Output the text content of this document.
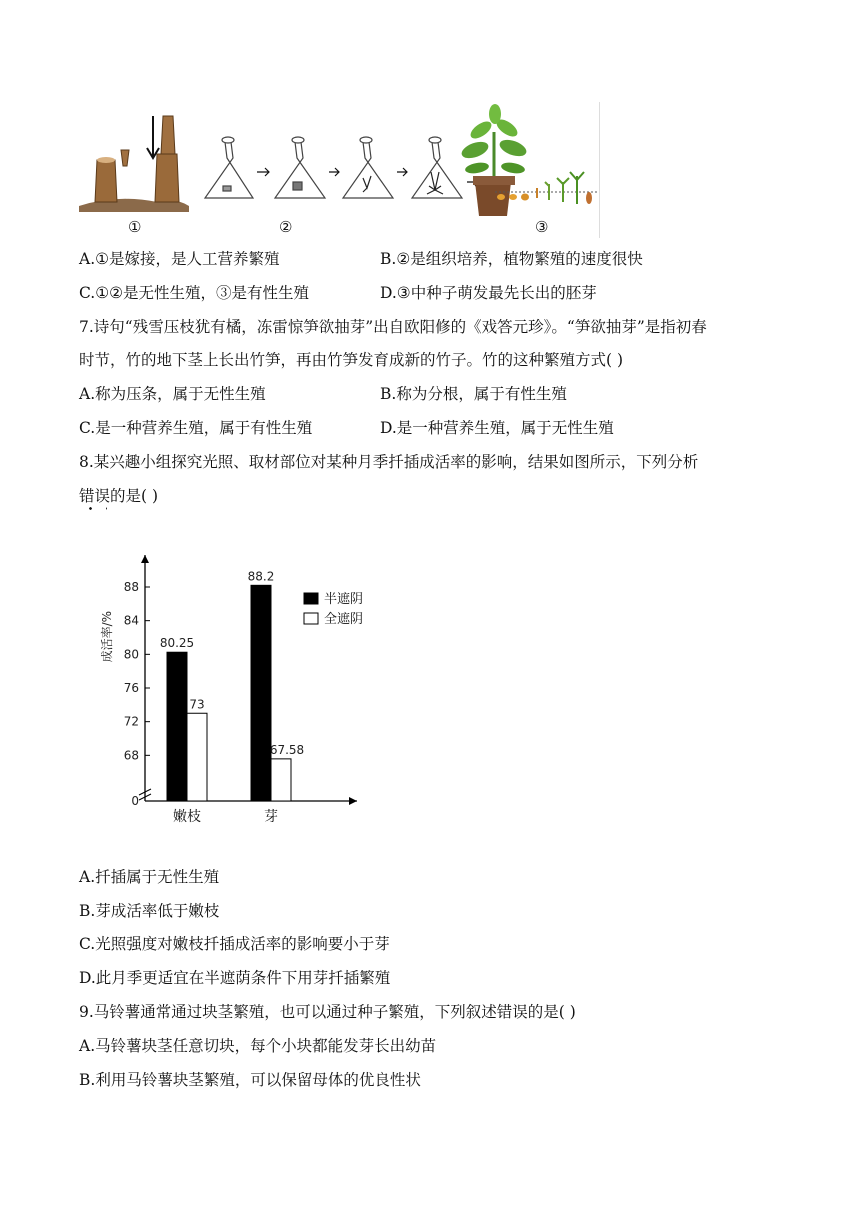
①	②	③
A.①是嫁接，是人工营养繁殖	B.②是组织培养，植物繁殖的速度很快
C.①②是无性生殖，③是有性生殖	D.③中种子萌发最先长出的胚芽
7.诗句“残雪压枝犹有橘，冻雷惊笋欲抽芽”出自欧阳修的《戏答元珍》。“笋欲抽芽”是指初春
时节，竹的地下茎上长出竹笋，再由竹笋发育成新的竹子。竹的这种繁殖方式( )
A.称为压条，属于无性生殖	B.称为分根，属于有性生殖
C.是一种营养生殖，属于有性生殖	D.是一种营养生殖，属于无性生殖
8.某兴趣小组探究光照、取材部位对某种月季扦插成活率的影响，结果如图所示，下列分析
错误的是( )
0
68
72
76
80
84
88
成活率/%	80.25
73
嫩枝
88.2
67.58
芽
半遮阴
全遮阴
A.扦插属于无性生殖
B.芽成活率低于嫩枝
C.光照强度对嫩枝扦插成活率的影响要小于芽
D.此月季更适宜在半遮荫条件下用芽扦插繁殖
9.马铃薯通常通过块茎繁殖，也可以通过种子繁殖，下列叙述错误的是( )
A.马铃薯块茎任意切块，每个小块都能发芽长出幼苗
B.利用马铃薯块茎繁殖，可以保留母体的优良性状
